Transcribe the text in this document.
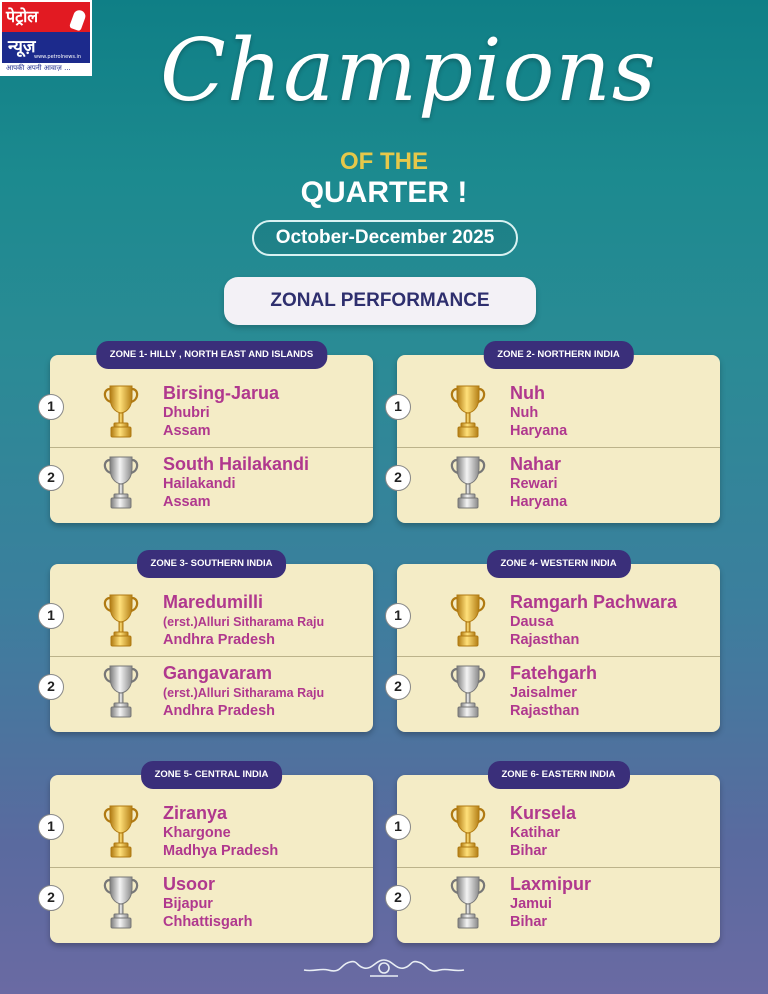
पेट्रोल
न्यूज़
www.petrolnews.in
आपकी अपनी आवाज़ ... Champions
OF THE
QUARTER !
October-December 2025
ZONAL PERFORMANCE
ZONE 1- HILLY , NORTH EAST AND ISLANDS
1
Birsing-Jarua
Dhubri
Assam
2
South Hailakandi
Hailakandi
Assam
ZONE 2- NORTHERN INDIA
1
Nuh
Nuh
Haryana
2
Nahar
Rewari
Haryana
ZONE 3- SOUTHERN INDIA
1
Maredumilli
(erst.)Alluri Sitharama Raju
Andhra Pradesh
2
Gangavaram
(erst.)Alluri Sitharama Raju
Andhra Pradesh
ZONE 4- WESTERN INDIA
1
Ramgarh Pachwara
Dausa
Rajasthan
2
Fatehgarh
Jaisalmer
Rajasthan
ZONE 5- CENTRAL INDIA
1
Ziranya
Khargone
Madhya Pradesh
2
Usoor
Bijapur
Chhattisgarh
ZONE 6- EASTERN INDIA
1
Kursela
Katihar
Bihar
2
Laxmipur
Jamui
Bihar
